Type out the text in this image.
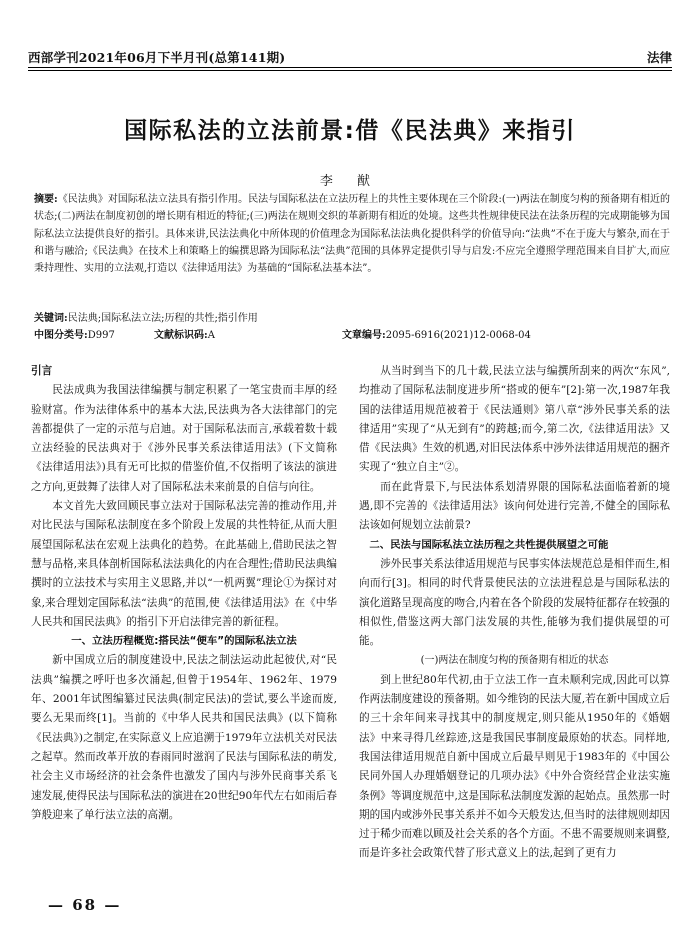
西部学刊2021年06月下半月刊(总第141期)	法律
国际私法的立法前景:借《民法典》来指引
李 猷
摘要:《民法典》对国际私法立法具有指引作用。民法与国际私法在立法历程上的共性主要体现在三个阶段:(一)两法在制度匀构的预备期有相近的状态;(二)两法在制度初创的增长期有相近的特征;(三)两法在规则交织的革新期有相近的处境。这些共性规律使民法在法条历程的完成期能够为国际私法立法提供良好的指引。具体来讲,民法法典化中所体现的价值理念为国际私法法典化提供科学的价值导向:“法典”不在于庞大与繁杂,而在于和谐与融洽;《民法典》在技术上和策略上的编撰思路为国际私法“法典”范围的具体界定提供引导与启发:不应完全遵照学理范围来自目扩大,而应秉持理性、实用的立法观,打造以《法律适用法》为基础的“国际私法基本法”。
关键词:民法典;国际私法立法;历程的共性;指引作用
中图分类号:D997	文献标识码:A	文章编号:2095-6916(2021)12-0068-04

引言

民法成典为我国法律编撰与制定积累了一笔宝贵而丰厚的经验财富。作为法律体系中的基本大法,民法典为各大法律部门的完善都提供了一定的示范与启迪。对于国际私法而言,承载着数十载立法经验的民法典对于《涉外民事关系法律适用法》(下文简称《法律适用法》)具有无可比拟的借鉴价值,不仅指明了该法的演进之方向,更鼓舞了法律人对了国际私法未来前景的自信与向往。

本文首先大致回顾民事立法对于国际私法完善的推动作用,并对比民法与国际私法制度在多个阶段上发展的共性特征,从而大胆展望国际私法在宏观上法典化的趋势。在此基础上,借助民法之智慧与品格,来具体剖析国际私法法典化的内在合理性;借助民法典编撰时的立法技术与实用主义思路,并以“一机两翼”理论①为探讨对象,来合理划定国际私法“法典”的范围,使《法律适用法》在《中华人民共和国民法典》的指引下开启法律完善的新征程。

一、立法历程概览:搭民法“便车”的国际私法立法

新中国成立后的制度建设中,民法之制法运动此起彼伏,对“民法典”编撰之呼吁也多次涌起,但曾于1954年、1962年、1979年、2001年试图编纂过民法典(制定民法)的尝试,要么半途而废,要么无果而终[1]。当前的《中华人民共和国民法典》(以下简称《民法典》)之制定,在实际意义上应追溯于1979年立法机关对民法之起草。然而改革开放的春雨同时滋润了民法与国际私法的萌发,社会主义市场经济的社会条件也激发了国内与涉外民商事关系飞速发展,使得民法与国际私法的演进在20世纪90年代左右如雨后春笋般迎来了单行法立法的高潮。

从当时到当下的几十载,民法立法与编撰所刮来的两次“东风”,均推动了国际私法制度进步所“搭或的便车”[2]:第一次,1987年我国的法律适用规范被着于《民法通则》第八章“涉外民事关系的法律适用”实现了“从无到有”的跨越;而今,第二次,《法律适用法》又借《民法典》生效的机遇,对旧民法体系中涉外法律适用规范的捆齐实现了“独立自主”②。

而在此背景下,与民法体系划清界限的国际私法面临着新的境遇,即不完善的《法律适用法》该向何处进行完善,不健全的国际私法该如何规划立法前景?

二、民法与国际私法立法历程之共性提供展望之可能

涉外民事关系法律适用规范与民事实体法规范总是相伴而生,相向而行[3]。相同的时代背景使民法的立法进程总是与国际私法的演化道路呈现高度的吻合,内着在各个阶段的发展特征都存在较强的相似性,借鉴这两大部门法发展的共性,能够为我们提供展望的可能。

(一)两法在制度匀构的预备期有相近的状态

到上世纪80年代初,由于立法工作一直未顺利完成,因此可以算作两法制度建设的预备期。如今维钧的民法大厦,若在新中国成立后的三十余年间来寻找其中的制度规定,则只能从1950年的《婚姻法》中来寻得几丝踪迹,这是我国民事制度最原始的状态。同样地,我国法律适用规范自新中国成立后最早则见于1983年的《中国公民同外国人办理婚姻登记的几项办法》《中外合资经营企业法实施条例》等调度规范中,这是国际私法制度发源的起始点。虽然那一时期的国内或涉外民事关系并不如今天般发达,但当时的法律规则却因过于稀少而难以顾及社会关系的各个方面。不患不需要规则来调整,而是许多社会政策代替了形式意义上的法,起到了更有力

— 68 —
